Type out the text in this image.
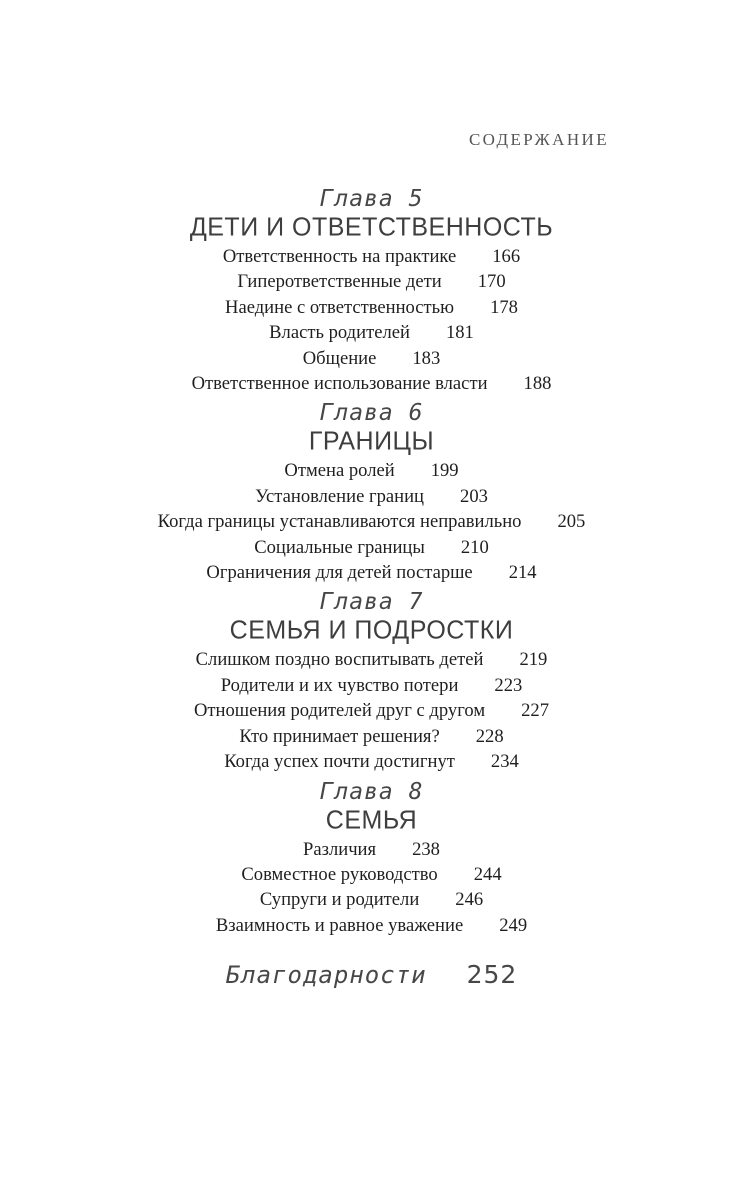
СОДЕРЖАНИЕ
Глава 5
ДЕТИ И ОТВЕТСТВЕННОСТЬ
Ответственность на практике 166
Гиперответственные дети 170
Наедине с ответственностью 178
Власть родителей 181
Общение 183
Ответственное использование власти 188
Глава 6
ГРАНИЦЫ
Отмена ролей 199
Установление границ 203
Когда границы устанавливаются неправильно 205
Социальные границы 210
Ограничения для детей постарше 214
Глава 7
СЕМЬЯ И ПОДРОСТКИ
Слишком поздно воспитывать детей 219
Родители и их чувство потери 223
Отношения родителей друг с другом 227
Кто принимает решения? 228
Когда успех почти достигнут 234
Глава 8
СЕМЬЯ
Различия 238
Совместное руководство 244
Супруги и родители 246
Взаимность и равное уважение 249
Благодарности 252
